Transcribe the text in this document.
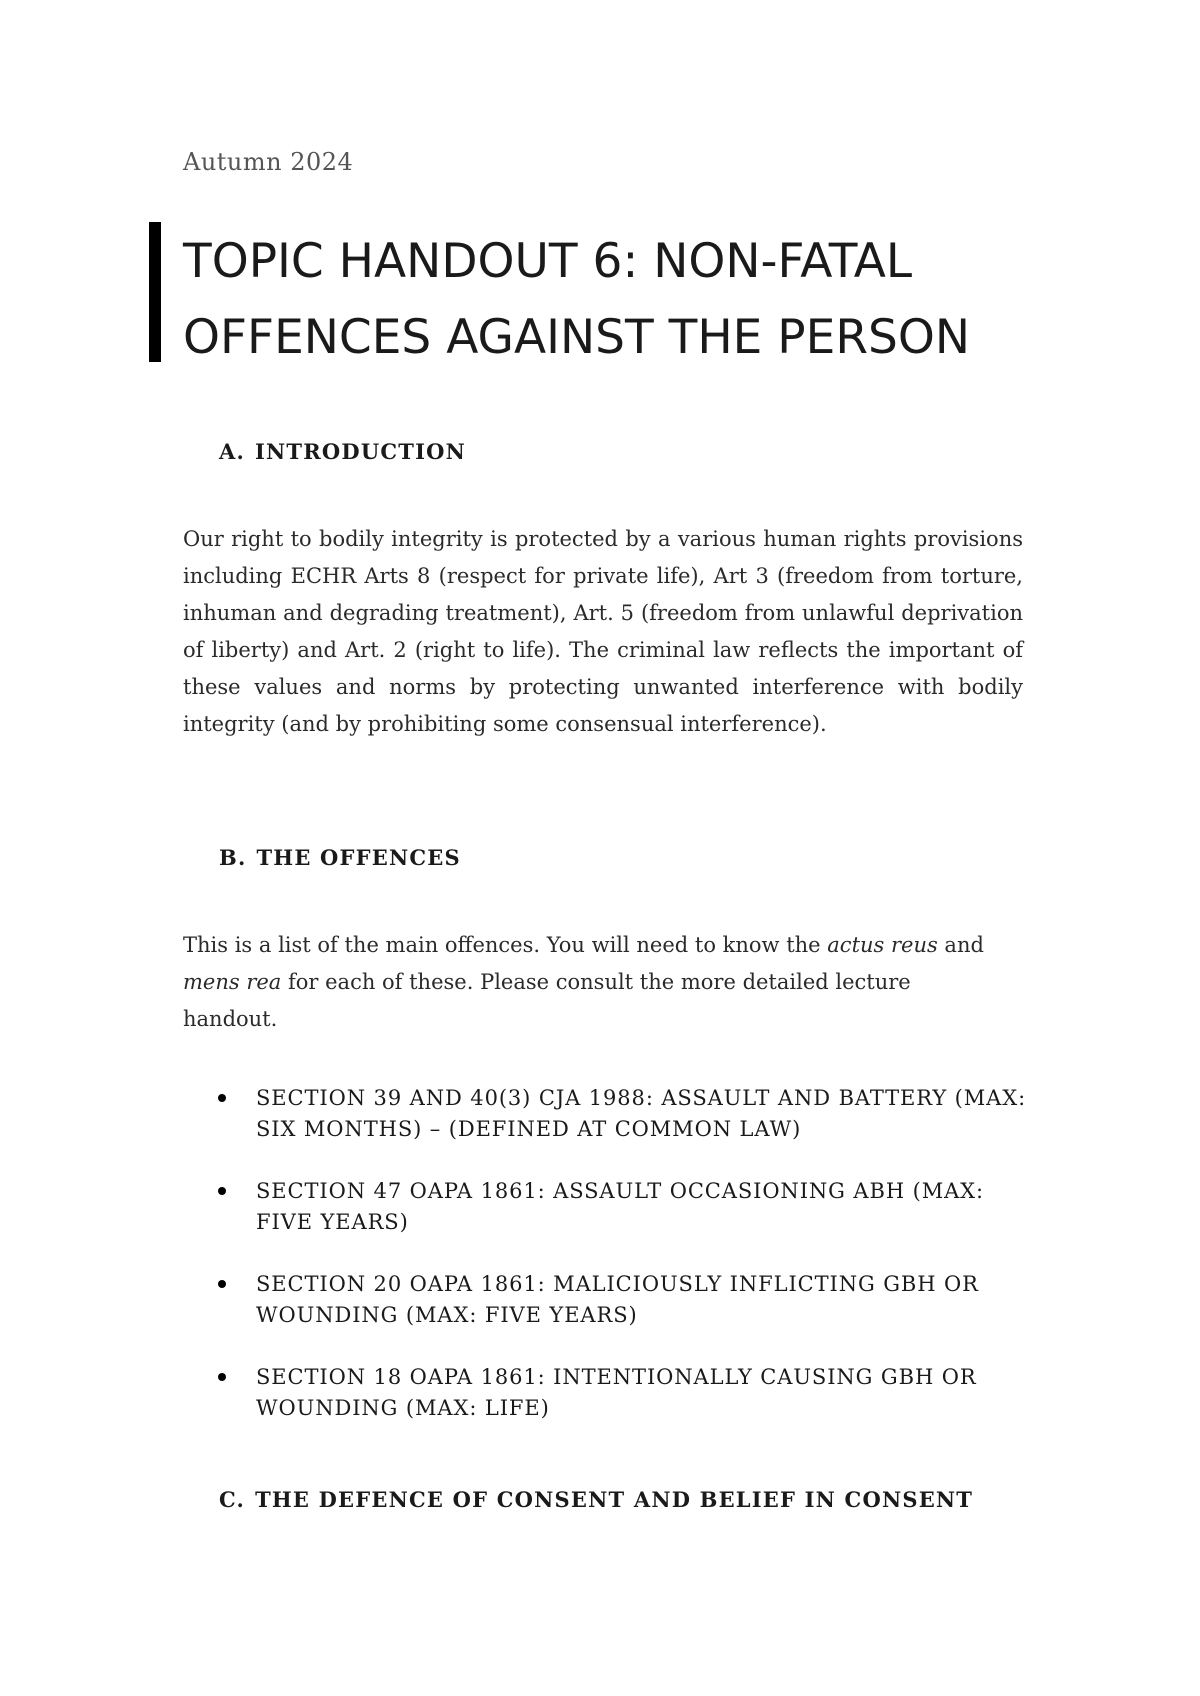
Autumn 2024
TOPIC HANDOUT 6: NON-FATAL
OFFENCES AGAINST THE PERSON
A. INTRODUCTION

Our right to bodily integrity is protected by a various human rights provisions including ECHR Arts 8 (respect for private life), Art 3 (freedom from torture, inhuman and degrading treatment), Art. 5 (freedom from unlawful deprivation of liberty) and Art. 2 (right to life). The criminal law reflects the important of these values and norms by protecting unwanted interference with bodily integrity (and by prohibiting some consensual interference).

B. THE OFFENCES

This is a list of the main offences. You will need to know the actus reus and mens rea for each of these. Please consult the more detailed lecture handout.

SECTION 39 AND 40(3) CJA 1988: ASSAULT AND BATTERY (MAX: SIX MONTHS) – (DEFINED AT COMMON LAW)
SECTION 47 OAPA 1861: ASSAULT OCCASIONING ABH (MAX: FIVE YEARS)
SECTION 20 OAPA 1861: MALICIOUSLY INFLICTING GBH OR WOUNDING (MAX: FIVE YEARS)
SECTION 18 OAPA 1861: INTENTIONALLY CAUSING GBH OR WOUNDING (MAX: LIFE)
C. THE DEFENCE OF CONSENT AND BELIEF IN CONSENT
